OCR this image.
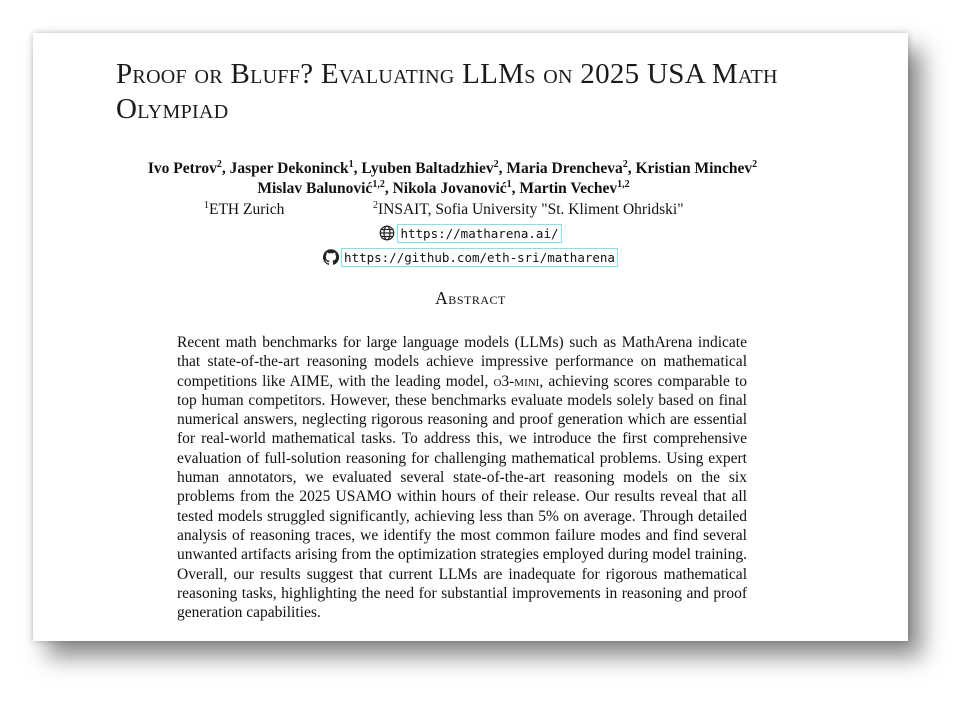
Proof or Bluff? Evaluating LLMs on 2025 USA Math Olympiad
Ivo Petrov$^2$, Jasper Dekoninck$^1$, Lyuben Baltadzhiev$^2$, Maria Drencheva$^2$, Kristian Minchev$^2$
Mislav Balunović$^{1,2}$, Nikola Jovanović$^1$, Martin Vechev$^{1,2}$
$^1$ETH Zurich	$^2$INSAIT, Sofia University "St. Kliment Ohridski"
https://matharena.ai/
https://github.com/eth-sri/matharena
Abstract
Recent math benchmarks for large language models (LLMs) such as MathArena indicate that state-of-the-art reasoning models achieve impressive performance on mathematical competitions like AIME, with the leading model, o3-mini, achieving scores comparable to top human competitors. However, these benchmarks evaluate models solely based on final numerical answers, neglecting rigorous reasoning and proof generation which are essential for real-world mathematical tasks. To address this, we introduce the first comprehensive evaluation of full-solution reasoning for challenging mathematical problems. Using expert human annotators, we evaluated several state-of-the-art reasoning models on the six problems from the 2025 USAMO within hours of their release. Our results reveal that all tested models struggled significantly, achieving less than 5% on average. Through detailed analysis of reasoning traces, we identify the most common failure modes and find several unwanted artifacts arising from the optimization strategies employed during model training. Overall, our results suggest that current LLMs are inadequate for rigorous mathematical reasoning tasks, highlighting the need for substantial improvements in reasoning and proof generation capabilities.
